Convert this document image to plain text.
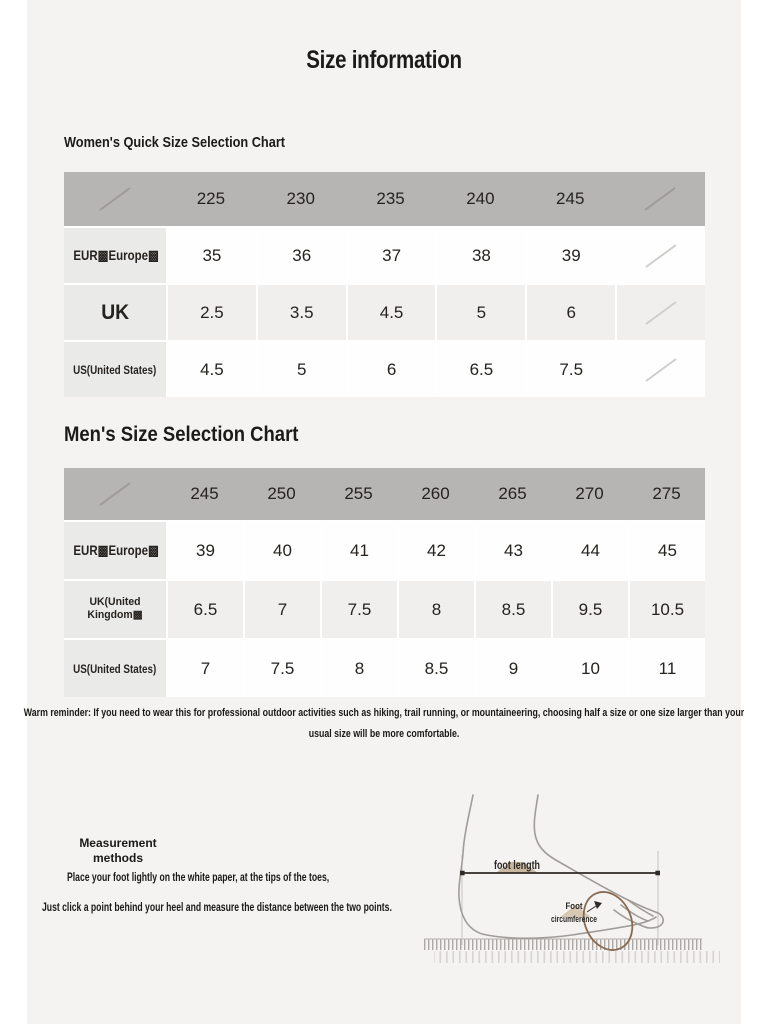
Size information
Women's Quick Size Selection Chart
	225	230	235	240	245	
EUR▩Europe▩	35	36	37	38	39	
UK	2.5	3.5	4.5	5	6	
US(United States)	4.5	5	6	6.5	7.5	
Men's Size Selection Chart
	245	250	255	260	265	270	275
EUR▩Europe▩	39	40	41	42	43	44	45
UK(United Kingdom▩	6.5	7	7.5	8	8.5	9.5	10.5
US(United States)	7	7.5	8	8.5	9	10	11
Warm reminder: If you need to wear this for professional outdoor activities such as hiking, trail running, or mountaineering, choosing half a size or one size larger than your usual size will be more comfortable.
Measurement methods
Place your foot lightly on the white paper, at the tips of the toes,
Just click a point behind your heel and measure the distance between the two points.
foot length
Foot
circumference
